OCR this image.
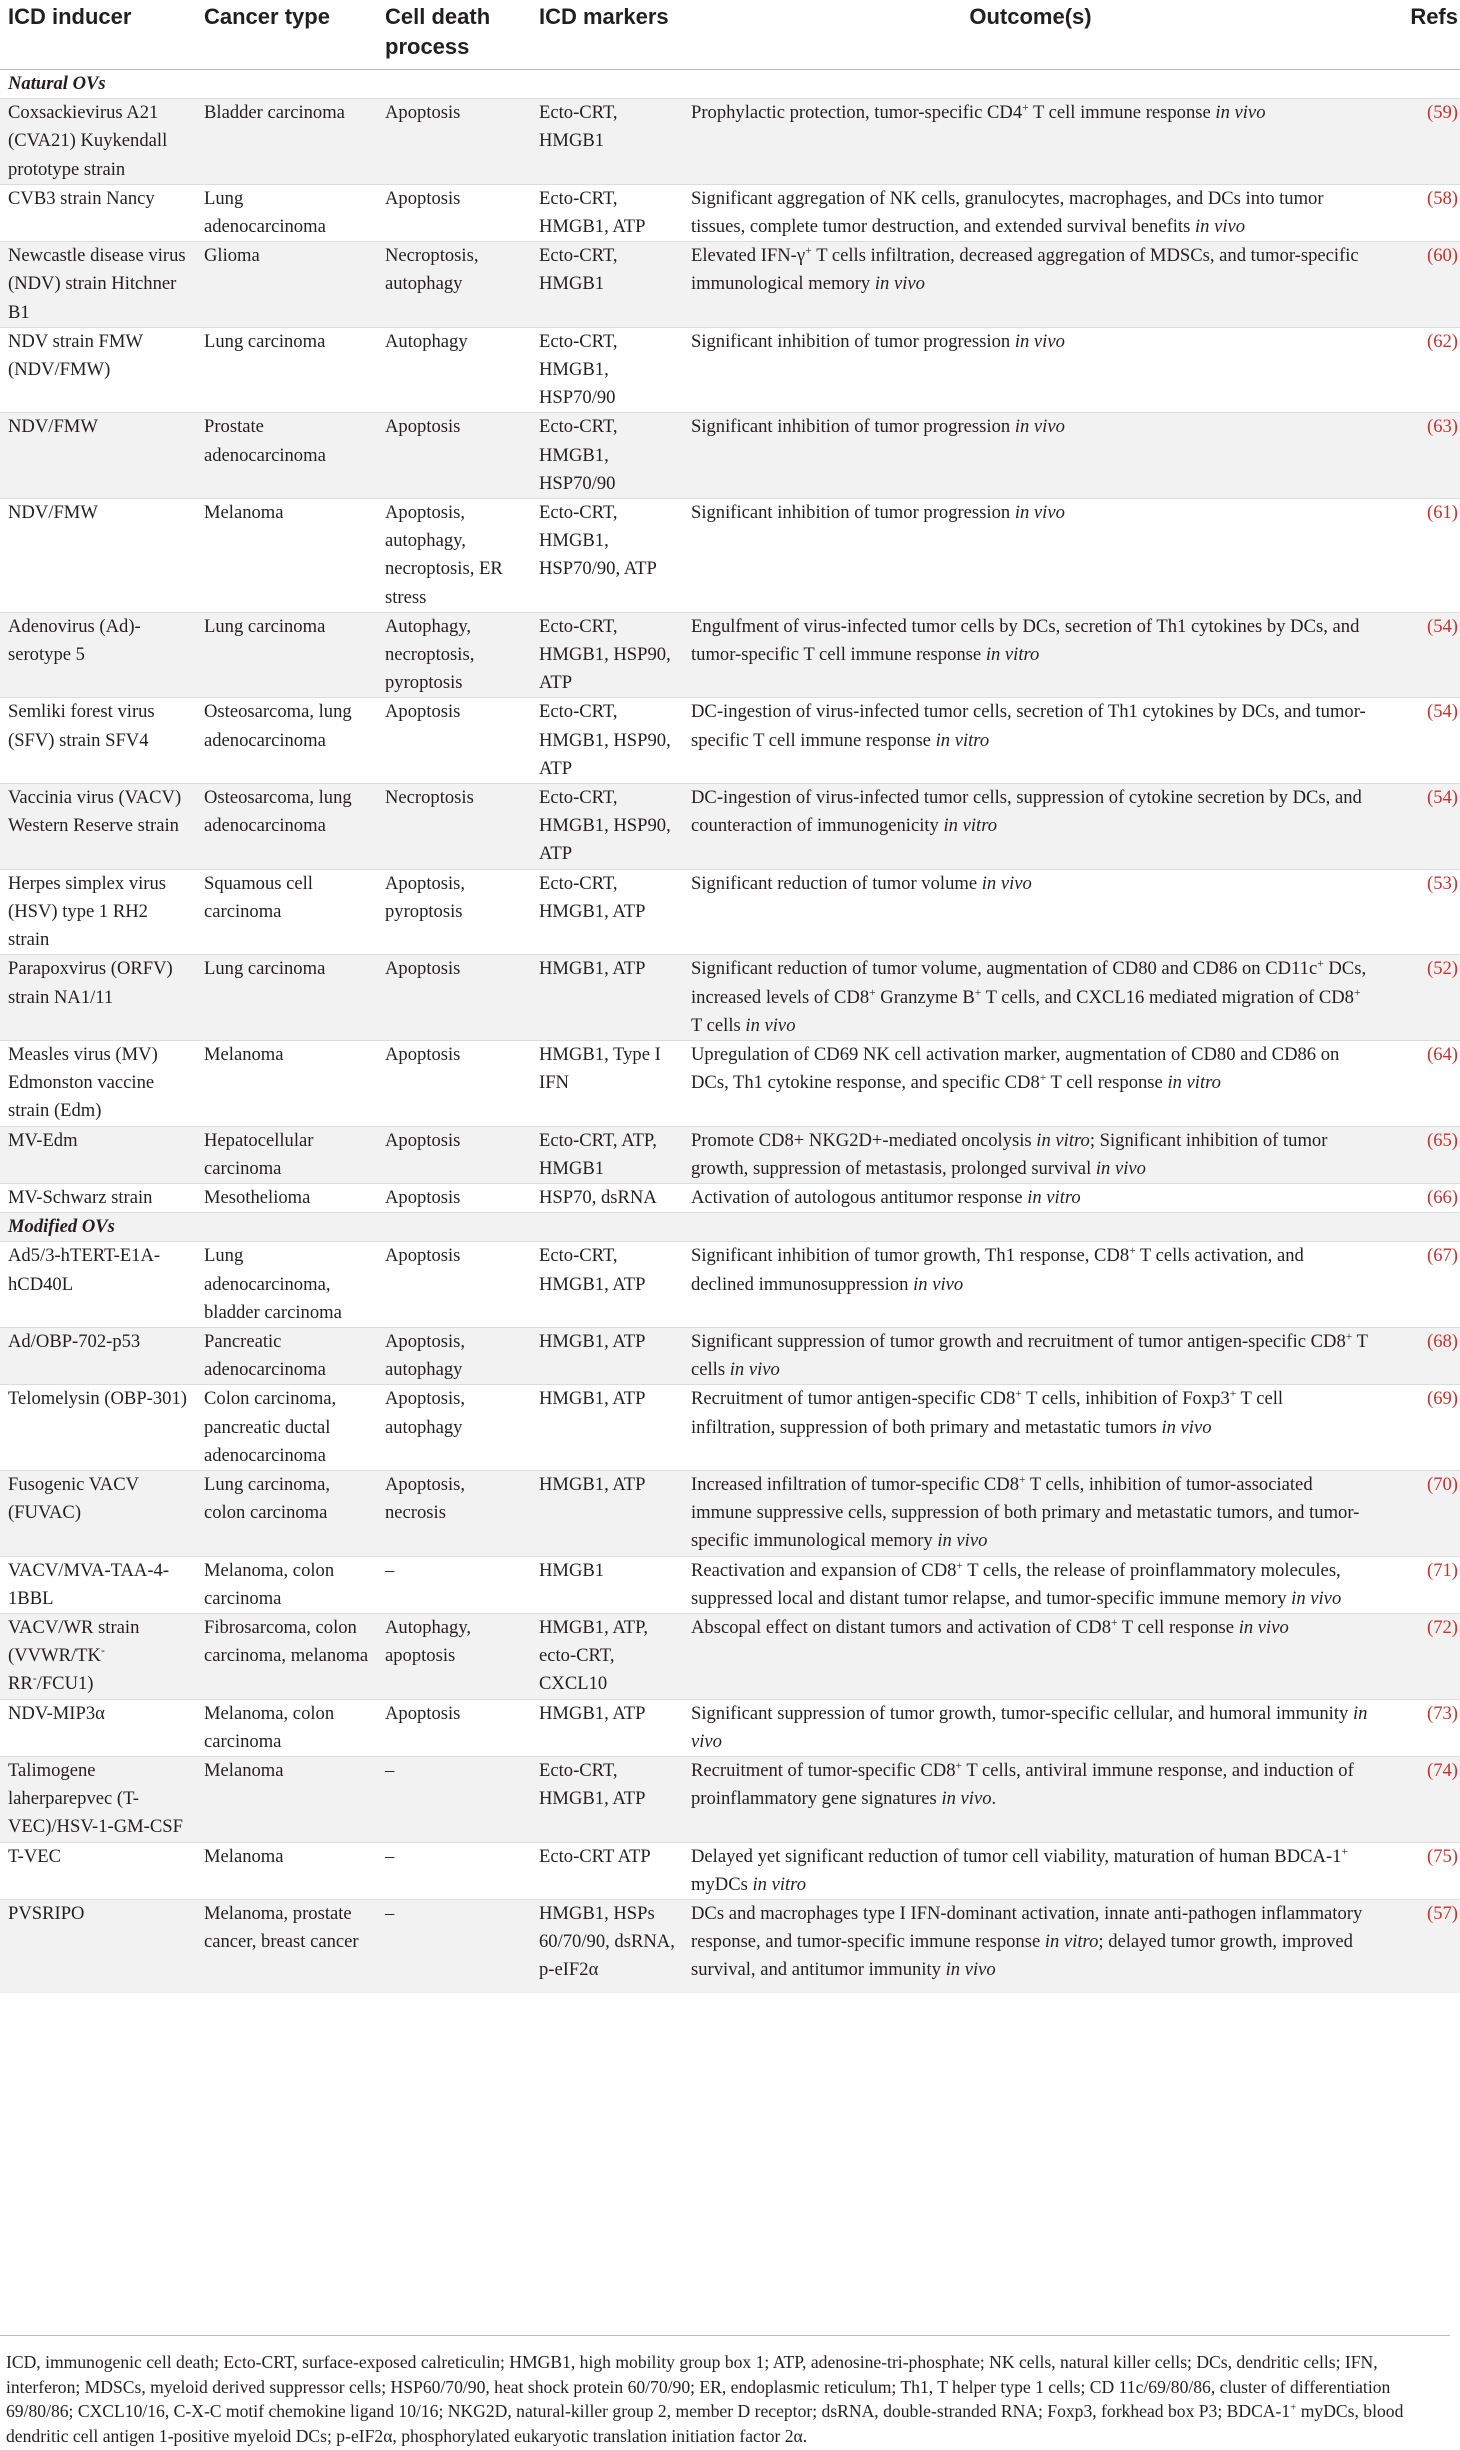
ICD inducer	Cancer type	Cell death process	ICD markers	Outcome(s)	Refs
Natural OVs					
Coxsackievirus A21 (CVA21) Kuykendall prototype strain	Bladder carcinoma	Apoptosis	Ecto-CRT, HMGB1	Prophylactic protection, tumor-specific CD4+ T cell immune response in vivo	(59)
CVB3 strain Nancy	Lung adenocarcinoma	Apoptosis	Ecto-CRT, HMGB1, ATP	Significant aggregation of NK cells, granulocytes, macrophages, and DCs into tumor tissues, complete tumor destruction, and extended survival benefits in vivo	(58)
Newcastle disease virus (NDV) strain Hitchner B1	Glioma	Necroptosis, autophagy	Ecto-CRT, HMGB1	Elevated IFN-γ+ T cells infiltration, decreased aggregation of MDSCs, and tumor-specific immunological memory in vivo	(60)
NDV strain FMW (NDV/FMW)	Lung carcinoma	Autophagy	Ecto-CRT, HMGB1, HSP70/90	Significant inhibition of tumor progression in vivo	(62)
NDV/FMW	Prostate adenocarcinoma	Apoptosis	Ecto-CRT, HMGB1, HSP70/90	Significant inhibition of tumor progression in vivo	(63)
NDV/FMW	Melanoma	Apoptosis, autophagy, necroptosis, ER stress	Ecto-CRT, HMGB1, HSP70/90, ATP	Significant inhibition of tumor progression in vivo	(61)
Adenovirus (Ad)-serotype 5	Lung carcinoma	Autophagy, necroptosis, pyroptosis	Ecto-CRT, HMGB1, HSP90, ATP	Engulfment of virus-infected tumor cells by DCs, secretion of Th1 cytokines by DCs, and tumor-specific T cell immune response in vitro	(54)
Semliki forest virus (SFV) strain SFV4	Osteosarcoma, lung adenocarcinoma	Apoptosis	Ecto-CRT, HMGB1, HSP90, ATP	DC-ingestion of virus-infected tumor cells, secretion of Th1 cytokines by DCs, and tumor-specific T cell immune response in vitro	(54)
Vaccinia virus (VACV) Western Reserve strain	Osteosarcoma, lung adenocarcinoma	Necroptosis	Ecto-CRT, HMGB1, HSP90, ATP	DC-ingestion of virus-infected tumor cells, suppression of cytokine secretion by DCs, and counteraction of immunogenicity in vitro	(54)
Herpes simplex virus (HSV) type 1 RH2 strain	Squamous cell carcinoma	Apoptosis, pyroptosis	Ecto-CRT, HMGB1, ATP	Significant reduction of tumor volume in vivo	(53)
Parapoxvirus (ORFV) strain NA1/11	Lung carcinoma	Apoptosis	HMGB1, ATP	Significant reduction of tumor volume, augmentation of CD80 and CD86 on CD11c+ DCs, increased levels of CD8+ Granzyme B+ T cells, and CXCL16 mediated migration of CD8+ T cells in vivo	(52)
Measles virus (MV) Edmonston vaccine strain (Edm)	Melanoma	Apoptosis	HMGB1, Type I IFN	Upregulation of CD69 NK cell activation marker, augmentation of CD80 and CD86 on DCs, Th1 cytokine response, and specific CD8+ T cell response in vitro	(64)
MV-Edm	Hepatocellular carcinoma	Apoptosis	Ecto-CRT, ATP, HMGB1	Promote CD8+ NKG2D+-mediated oncolysis in vitro; Significant inhibition of tumor growth, suppression of metastasis, prolonged survival in vivo	(65)
MV-Schwarz strain	Mesothelioma	Apoptosis	HSP70, dsRNA	Activation of autologous antitumor response in vitro	(66)
Modified OVs					
Ad5/3-hTERT-E1A-hCD40L	Lung adenocarcinoma, bladder carcinoma	Apoptosis	Ecto-CRT, HMGB1, ATP	Significant inhibition of tumor growth, Th1 response, CD8+ T cells activation, and declined immunosuppression in vivo	(67)
Ad/OBP-702-p53	Pancreatic adenocarcinoma	Apoptosis, autophagy	HMGB1, ATP	Significant suppression of tumor growth and recruitment of tumor antigen-specific CD8+ T cells in vivo	(68)
Telomelysin (OBP-301)	Colon carcinoma, pancreatic ductal adenocarcinoma	Apoptosis, autophagy	HMGB1, ATP	Recruitment of tumor antigen-specific CD8+ T cells, inhibition of Foxp3+ T cell infiltration, suppression of both primary and metastatic tumors in vivo	(69)
Fusogenic VACV (FUVAC)	Lung carcinoma, colon carcinoma	Apoptosis, necrosis	HMGB1, ATP	Increased infiltration of tumor-specific CD8+ T cells, inhibition of tumor-associated immune suppressive cells, suppression of both primary and metastatic tumors, and tumor-specific immunological memory in vivo	(70)
VACV/MVA-TAA-4-1BBL	Melanoma, colon carcinoma	–	HMGB1	Reactivation and expansion of CD8+ T cells, the release of proinflammatory molecules, suppressed local and distant tumor relapse, and tumor-specific immune memory in vivo	(71)
VACV/WR strain (VVWR/TK-RR-/FCU1)	Fibrosarcoma, colon carcinoma, melanoma	Autophagy, apoptosis	HMGB1, ATP, ecto-CRT, CXCL10	Abscopal effect on distant tumors and activation of CD8+ T cell response in vivo	(72)
NDV-MIP3α	Melanoma, colon carcinoma	Apoptosis	HMGB1, ATP	Significant suppression of tumor growth, tumor-specific cellular, and humoral immunity in vivo	(73)
Talimogene laherparepvec (T-VEC)/HSV-1-GM-CSF	Melanoma	–	Ecto-CRT, HMGB1, ATP	Recruitment of tumor-specific CD8+ T cells, antiviral immune response, and induction of proinflammatory gene signatures in vivo.	(74)
T-VEC	Melanoma	–	Ecto-CRT ATP	Delayed yet significant reduction of tumor cell viability, maturation of human BDCA-1+ myDCs in vitro	(75)
PVSRIPO	Melanoma, prostate cancer, breast cancer	–	HMGB1, HSPs 60/70/90, dsRNA, p-eIF2α	DCs and macrophages type I IFN-dominant activation, innate anti-pathogen inflammatory response, and tumor-specific immune response in vitro; delayed tumor growth, improved survival, and antitumor immunity in vivo	(57)
ICD, immunogenic cell death; Ecto-CRT, surface-exposed calreticulin; HMGB1, high mobility group box 1; ATP, adenosine-tri-phosphate; NK cells, natural killer cells; DCs, dendritic cells; IFN, interferon; MDSCs, myeloid derived suppressor cells; HSP60/70/90, heat shock protein 60/70/90; ER, endoplasmic reticulum; Th1, T helper type 1 cells; CD 11c/69/80/86, cluster of differentiation 69/80/86; CXCL10/16, C-X-C motif chemokine ligand 10/16; NKG2D, natural-killer group 2, member D receptor; dsRNA, double-stranded RNA; Foxp3, forkhead box P3; BDCA-1+ myDCs, blood dendritic cell antigen 1-positive myeloid DCs; p-eIF2α, phosphorylated eukaryotic translation initiation factor 2α.
